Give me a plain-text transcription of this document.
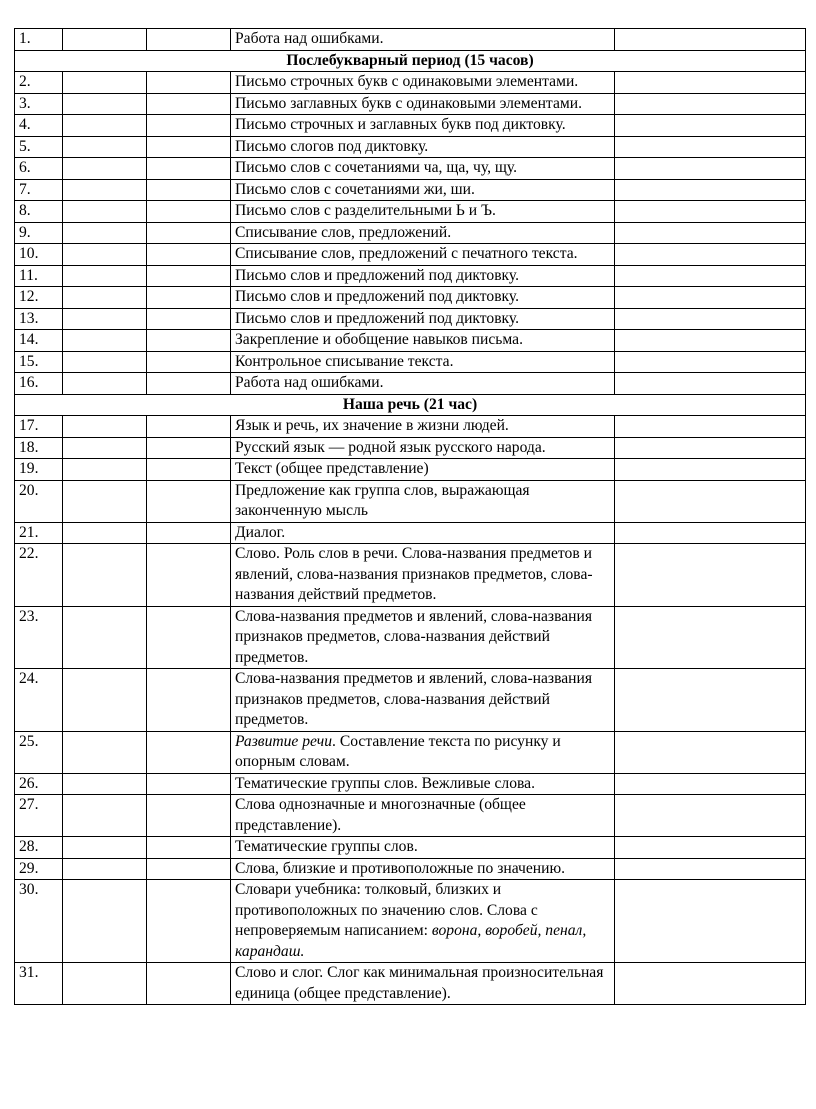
1.			Работа над ошибками.	
Послебукварный период (15 часов)				
2.			Письмо строчных букв с одинаковыми элементами.	
3.			Письмо заглавных букв с одинаковыми элементами.	
4.			Письмо строчных и заглавных букв под диктовку.	
5.			Письмо слогов под диктовку.	
6.			Письмо слов с сочетаниями ча, ща, чу, щу.	
7.			Письмо слов с сочетаниями жи, ши.	
8.			Письмо слов с разделительными Ь и Ъ.	
9.			Списывание слов, предложений.	
10.			Списывание слов, предложений с печатного текста.	
11.			Письмо слов и предложений под диктовку.	
12.			Письмо слов и предложений под диктовку.	
13.			Письмо слов и предложений под диктовку.	
14.			Закрепление и обобщение навыков письма.	
15.			Контрольное списывание текста.	
16.			Работа над ошибками.	
Наша речь (21 час)				
17.			Язык и речь, их значение в жизни людей.	
18.			Русский язык — родной язык русского народа.	
19.			Текст (общее представление)	
20.			Предложение как группа слов, выражающая законченную мысль	
21.			Диалог.	
22.			Слово. Роль слов в речи. Слова-названия предметов и явлений, слова-названия признаков предметов, слова-названия действий предметов.	
23.			Слова-названия предметов и явлений, слова-названия признаков предметов, слова-названия действий предметов.	
24.			Слова-названия предметов и явлений, слова-названия признаков предметов, слова-названия действий предметов.	
25.			Развитие речи. Составление текста по рисунку и опорным словам.	
26.			Тематические группы слов. Вежливые слова.	
27.			Слова однозначные и многозначные (общее представление).	
28.			Тематические группы слов.	
29.			Слова, близкие и противоположные по значению.	
30.			Словари учебника: толковый, близких и противоположных по значению слов. Слова с непроверяемым написанием: ворона, воробей, пенал, карандаш.	
31.			Слово и слог. Слог как минимальная произносительная единица (общее представление).	
